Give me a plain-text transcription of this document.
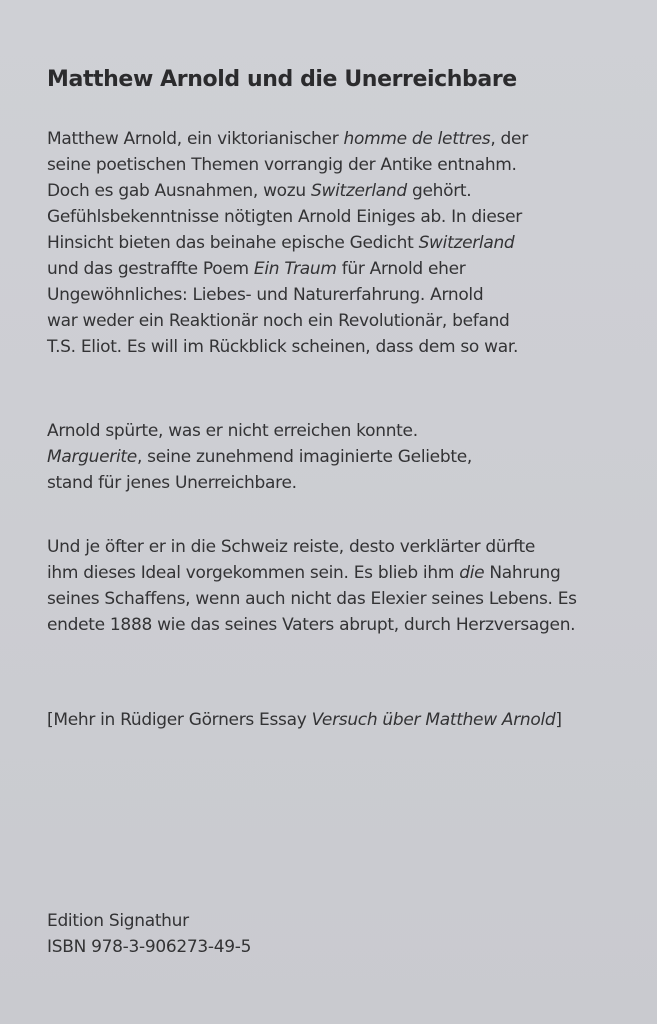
Matthew Arnold und die Unerreichbare
Matthew Arnold, ein viktorianischer homme de lettres, der
seine poetischen Themen vorrangig der Antike entnahm.
Doch es gab Ausnahmen, wozu Switzerland gehört.
Gefühlsbekenntnisse nötigten Arnold Einiges ab. In dieser
Hinsicht bieten das beinahe epische Gedicht Switzerland
und das gestraffte Poem Ein Traum für Arnold eher
Ungewöhnliches: Liebes- und Naturerfahrung. Arnold
war weder ein Reaktionär noch ein Revolutionär, befand
T.S. Eliot. Es will im Rückblick scheinen, dass dem so war.
Arnold spürte, was er nicht erreichen konnte.
Marguerite, seine zunehmend imaginierte Geliebte,
stand für jenes Unerreichbare.
Und je öfter er in die Schweiz reiste, desto verklärter dürfte
ihm dieses Ideal vorgekommen sein. Es blieb ihm die Nahrung
seines Schaffens, wenn auch nicht das Elexier seines Lebens. Es
endete 1888 wie das seines Vaters abrupt, durch Herzversagen.
[Mehr in Rüdiger Görners Essay Versuch über Matthew Arnold]
Edition Signathur
ISBN 978-3-906273-49-5
